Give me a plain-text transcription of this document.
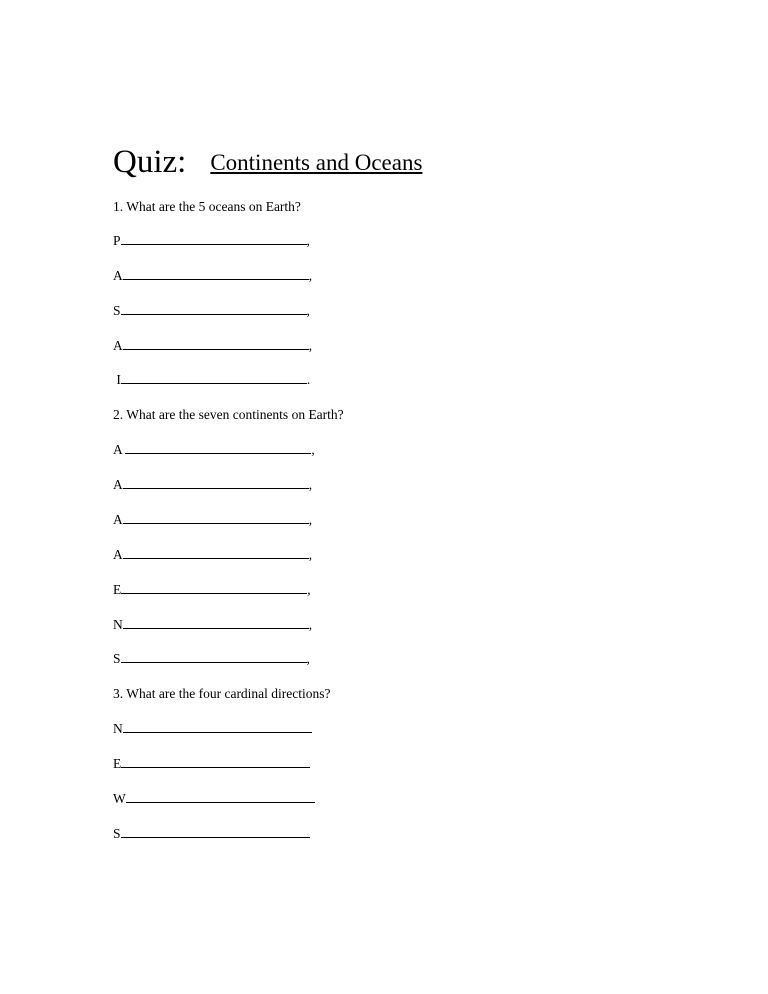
Quiz: Continents and Oceans
1. What are the 5 oceans on Earth?
P	,
A	,
S	,
A	,
I	.
2. What are the seven continents on Earth?
A	,
A	,
A	,
A	,
E	,
N	,
S	,
3. What are the four cardinal directions?
N
E
W
S
